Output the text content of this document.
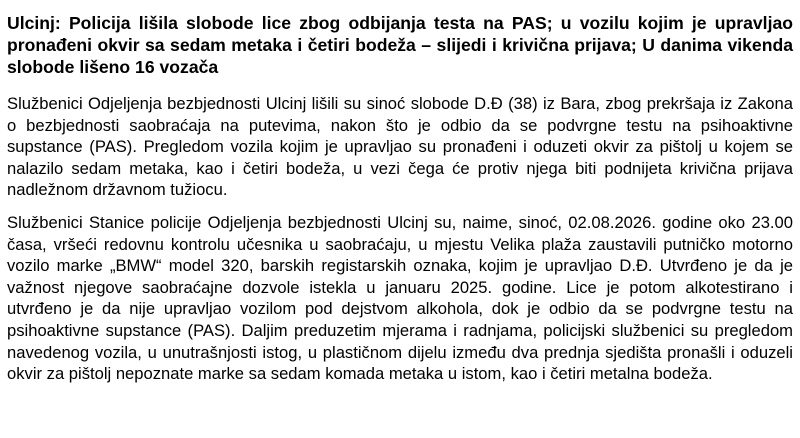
Ulcinj: Policija lišila slobode lice zbog odbijanja testa na PAS; u vozilu kojim je upravljao pronađeni okvir sa sedam metaka i četiri bodeža – slijedi i krivična prijava; U danima vikenda slobode lišeno 16 vozača

Službenici Odjeljenja bezbjednosti Ulcinj lišili su sinoć slobode D.Đ (38) iz Bara, zbog prekršaja iz Zakona o bezbjednosti saobraćaja na putevima, nakon što je odbio da se podvrgne testu na psihoaktivne supstance (PAS). Pregledom vozila kojim je upravljao su pronađeni i oduzeti okvir za pištolj u kojem se nalazilo sedam metaka, kao i četiri bodeža, u vezi čega će protiv njega biti podnijeta krivična prijava nadležnom državnom tužiocu.

Službenici Stanice policije Odjeljenja bezbjednosti Ulcinj su, naime, sinoć, 02.08.2026. godine oko 23.00 časa, vršeći redovnu kontrolu učesnika u saobraćaju, u mjestu Velika plaža zaustavili putničko motorno vozilo marke „BMW“ model 320, barskih registarskih oznaka, kojim je upravljao D.Đ. Utvrđeno je da je važnost njegove saobraćajne dozvole istekla u januaru 2025. godine. Lice je potom alkotestirano i utvrđeno je da nije upravljao vozilom pod dejstvom alkohola, dok je odbio da se podvrgne testu na psihoaktivne supstance (PAS). Daljim preduzetim mjerama i radnjama, policijski službenici su pregledom navedenog vozila, u unutrašnjosti istog, u plastičnom dijelu između dva prednja sjedišta pronašli i oduzeli okvir za pištolj nepoznate marke sa sedam komada metaka u istom, kao i četiri metalna bodeža.
